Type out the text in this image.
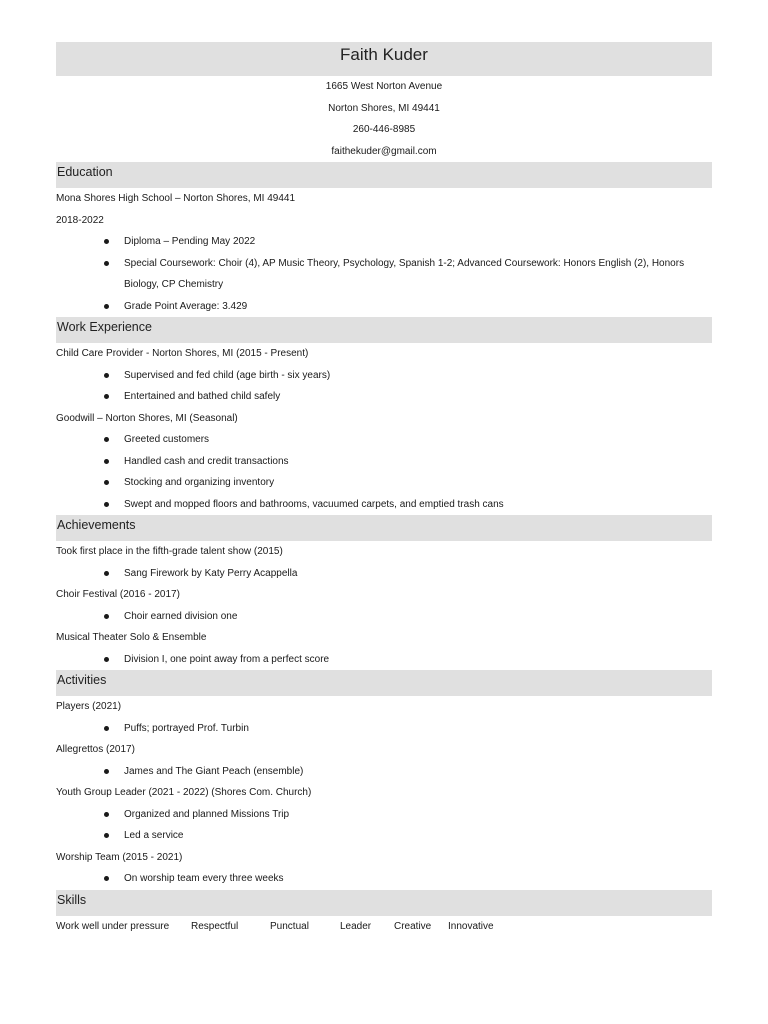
Faith Kuder
1665 West Norton Avenue
Norton Shores, MI 49441
260-446-8985
faithekuder@gmail.com
Education
Mona Shores High School – Norton Shores, MI 49441
2018-2022
Diploma – Pending May 2022
Special Coursework: Choir (4), AP Music Theory, Psychology, Spanish 1-2; Advanced Coursework: Honors English (2), Honors Biology, CP Chemistry
Grade Point Average: 3.429
Work Experience
Child Care Provider - Norton Shores, MI (2015 - Present)
Supervised and fed child (age birth - six years)
Entertained and bathed child safely
Goodwill – Norton Shores, MI (Seasonal)
Greeted customers
Handled cash and credit transactions
Stocking and organizing inventory
Swept and mopped floors and bathrooms, vacuumed carpets, and emptied trash cans
Achievements
Took first place in the fifth-grade talent show (2015)
Sang Firework by Katy Perry Acappella
Choir Festival (2016 - 2017)
Choir earned division one
Musical Theater Solo & Ensemble
Division I, one point away from a perfect score
Activities
Players (2021)
Puffs; portrayed Prof. Turbin
Allegrettos (2017)
James and The Giant Peach (ensemble)
Youth Group Leader (2021 - 2022) (Shores Com. Church)
Organized and planned Missions Trip
Led a service
Worship Team (2015 - 2021)
On worship team every three weeks
Skills
Work well under pressure	Respectful	Punctual	Leader	Creative	Innovative
